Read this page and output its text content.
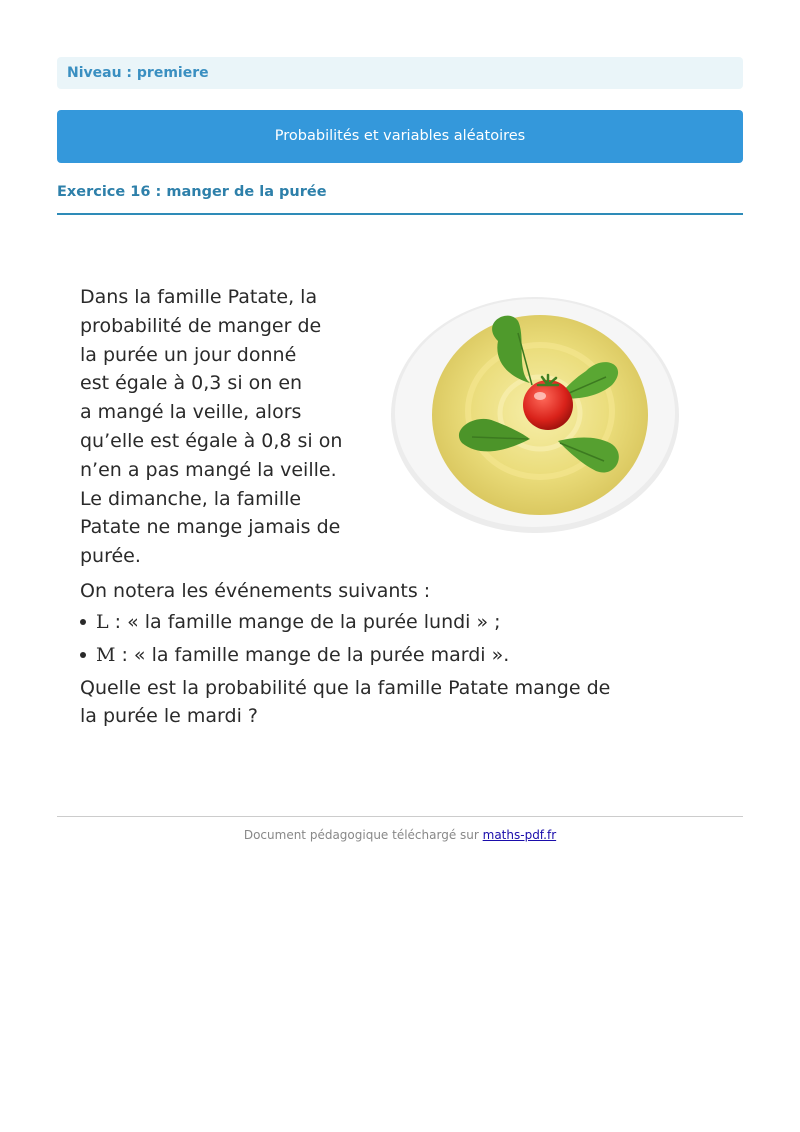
Niveau : premiere
Probabilités et variables aléatoires
Exercice 16 : manger de la purée
Dans la famille Patate, la
probabilité de manger de
la purée un jour donné
est égale à 0,3 si on en
a mangé la veille, alors
qu’elle est égale à 0,8 si on
n’en a pas mangé la veille.
Le dimanche, la famille
Patate ne mange jamais de
purée.

On notera les événements suivants :

L : « la famille mange de la purée lundi » ;
M : « la famille mange de la purée mardi ».
Quelle est la probabilité que la famille Patate mange de
la purée le mardi ?
Document pédagogique téléchargé sur maths-pdf.fr
